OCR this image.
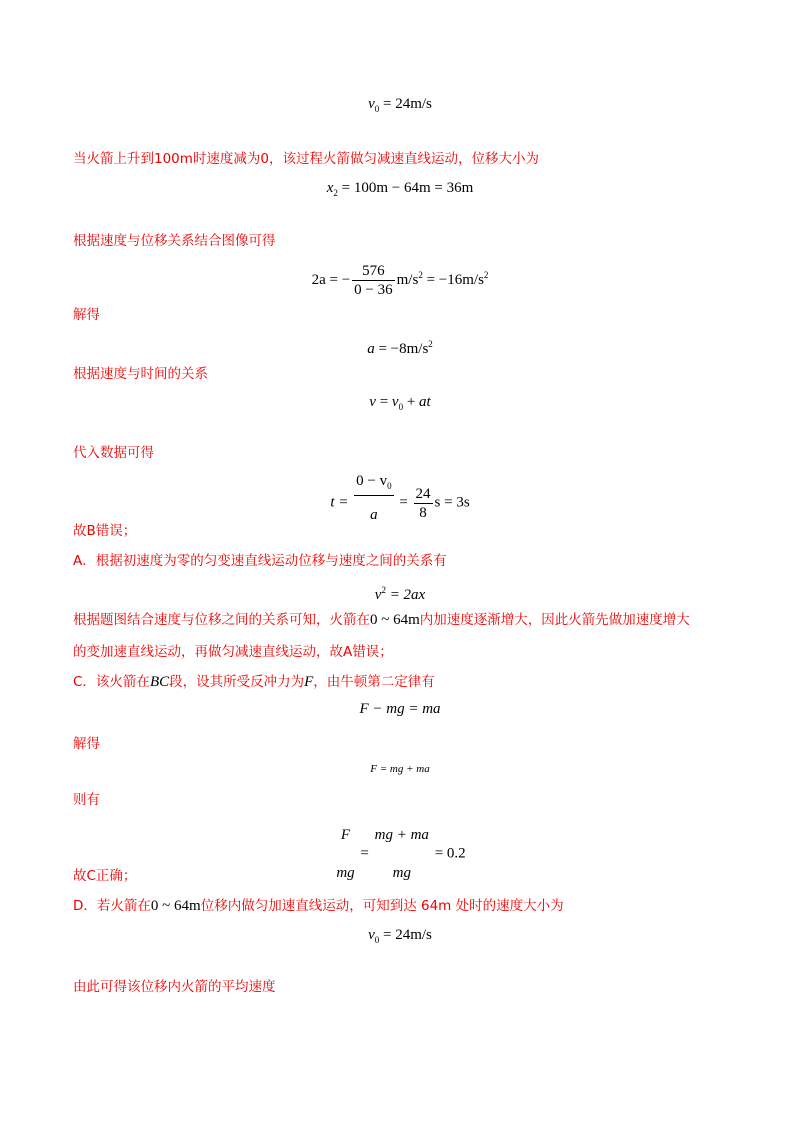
$v_0 = 24m/s$
当火箭上升到100m时速度减为0，该过程火箭做匀减速直线运动，位移大小为
$x_2 = 100m - 64m = 36m$
根据速度与位移关系结合图像可得
2a = − $\frac{576}{0 - 36} m/s^2 = -16m/s^2$
解得
$a = -8m/s^2$
根据速度与时间的关系
$v = v_0$ + at
代入数据可得
$t = \frac{0 - v_0}{a} = \frac{24}{8}$ s = 3s
故B错误；
A．根据初速度为零的匀变速直线运动位移与速度之间的关系有
$v^2 = 2ax$
根据题图结合速度与位移之间的关系可知，火箭在0 ~ 64m内加速度逐渐增大，因此火箭先做加速度增大
的变加速直线运动，再做匀减速直线运动，故A错误；
C．该火箭在BC段，设其所受反冲力为F，由牛顿第二定律有
F − mg = ma
解得
F = mg + ma
则有
F
mg
=
mg + ma
mg
= 0.2
故C正确；
D．若火箭在0 ~ 64m位移内做匀加速直线运动，可知到达 64m 处时的速度大小为
$v_0 = 24m/s$
由此可得该位移内火箭的平均速度
